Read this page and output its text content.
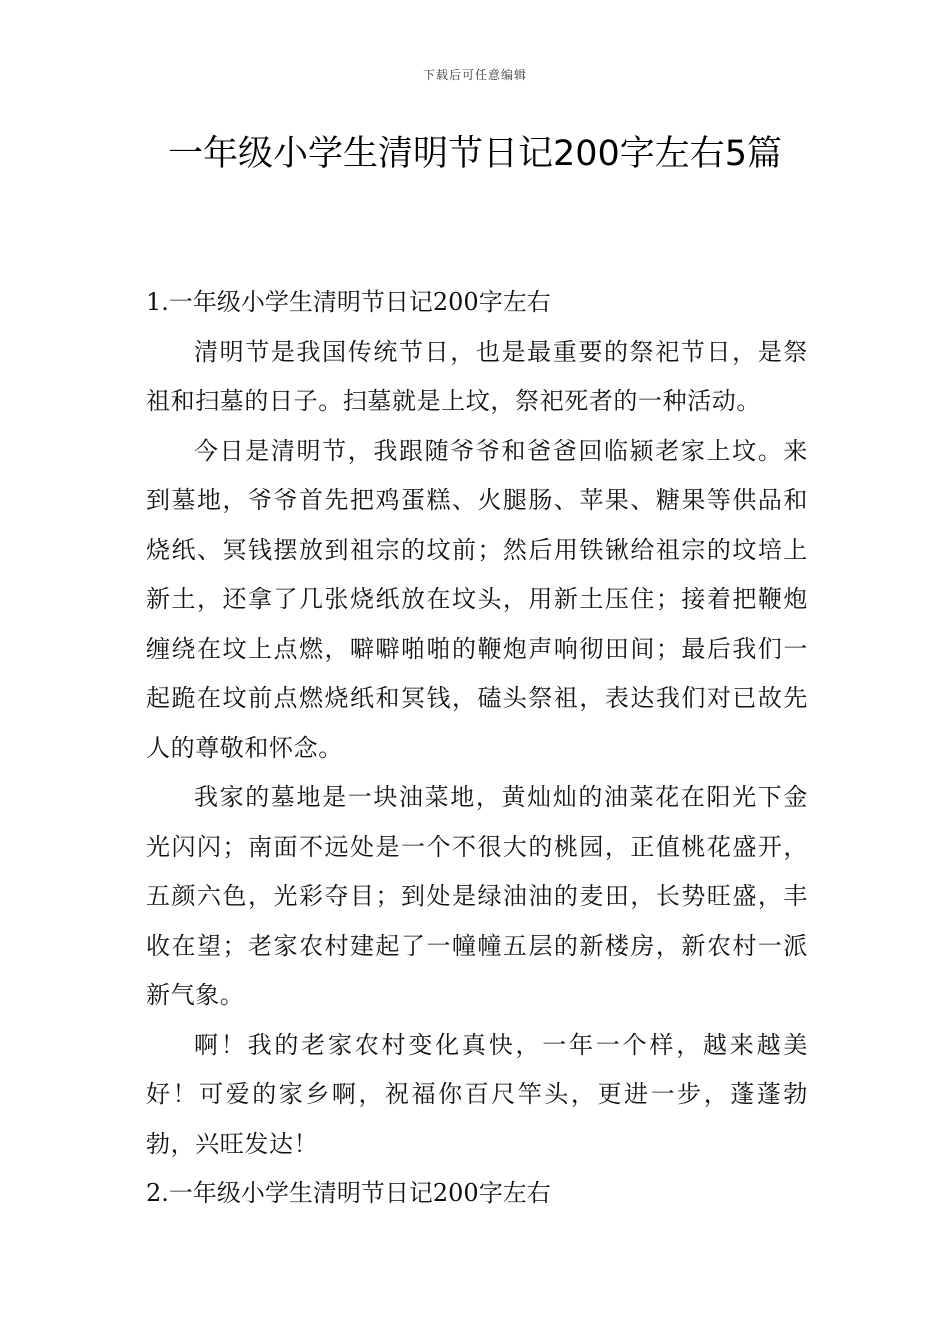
下载后可任意编辑
一年级小学生清明节日记200字左右5篇
1.一年级小学生清明节日记200字左右

清明节是我国传统节日，也是最重要的祭祀节日，是祭祖和扫墓的日子。扫墓就是上坟，祭祀死者的一种活动。

今日是清明节，我跟随爷爷和爸爸回临颍老家上坟。来到墓地，爷爷首先把鸡蛋糕、火腿肠、苹果、糖果等供品和烧纸、冥钱摆放到祖宗的坟前；然后用铁锹给祖宗的坟培上新土，还拿了几张烧纸放在坟头，用新土压住；接着把鞭炮缠绕在坟上点燃，噼噼啪啪的鞭炮声响彻田间；最后我们一起跪在坟前点燃烧纸和冥钱，磕头祭祖，表达我们对已故先人的尊敬和怀念。

我家的墓地是一块油菜地，黄灿灿的油菜花在阳光下金光闪闪；南面不远处是一个不很大的桃园，正值桃花盛开，五颜六色，光彩夺目；到处是绿油油的麦田，长势旺盛，丰收在望；老家农村建起了一幢幢五层的新楼房，新农村一派新气象。

啊！我的老家农村变化真快，一年一个样，越来越美好！可爱的家乡啊，祝福你百尺竿头，更进一步，蓬蓬勃勃，兴旺发达！

2.一年级小学生清明节日记200字左右
